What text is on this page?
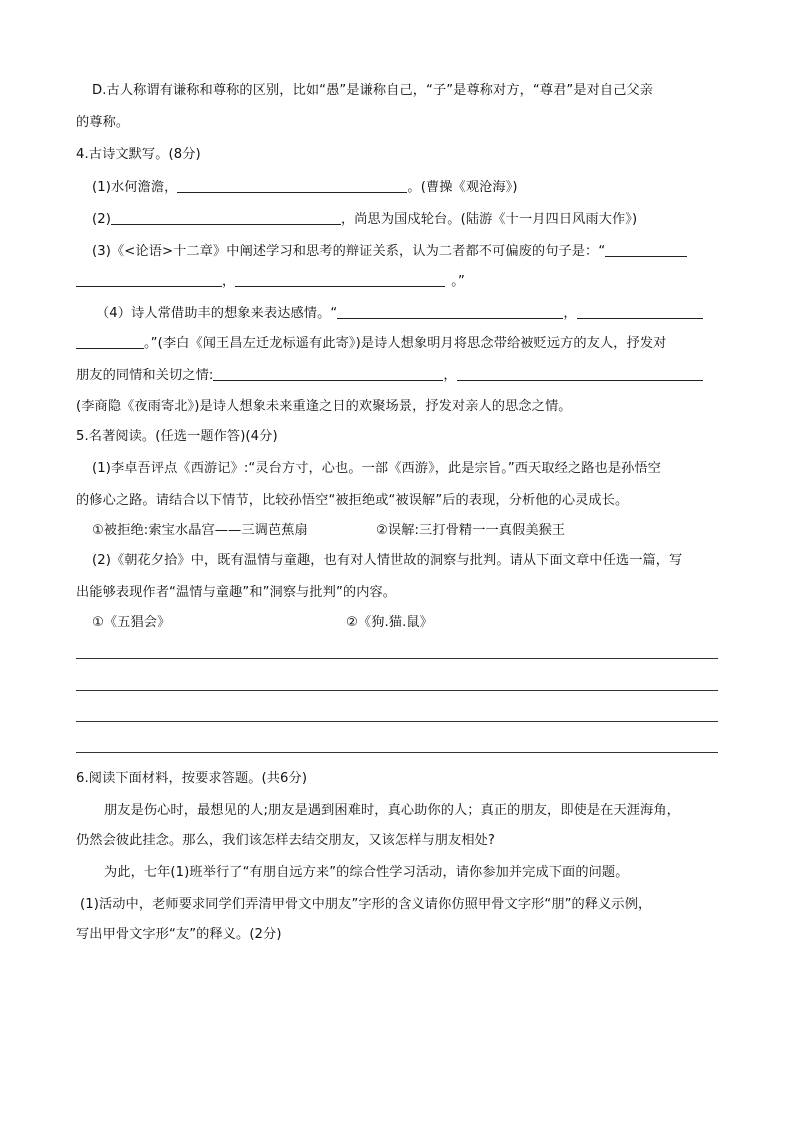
D.古人称谓有谦称和尊称的区别，比如“愚”是谦称自己，“子”是尊称对方，“尊君”是对自己父亲
的尊称。
4.古诗文默写。(8分)
(1)水何澹澹，	。(曹操《观沧海》)
(2)	，尚思为国戍轮台。(陆游《十一月四日风雨大作》)
(3)《<论语>十二章》中阐述学习和思考的辩证关系，认为二者都不可偏废的句子是：“
，	。”
（4）诗人常借助丰的想象来表达感情。“	，
。”(李白《闻王昌左迁龙标遥有此寄》)是诗人想象明月将思念带给被贬远方的友人，抒发对
朋友的同情和关切之情:	，
(李商隐《夜雨寄北》)是诗人想象未来重逢之日的欢聚场景，抒发对亲人的思念之情。
5.名著阅读。(任选一题作答)(4分)
(1)李卓吾评点《西游记》:“灵台方寸，心也。一部《西游》，此是宗旨。”西天取经之路也是孙悟空
的修心之路。请结合以下情节，比较孙悟空“被拒绝或“被误解”后的表现，分析他的心灵成长。
①被拒绝:索宝水晶宫——三调芭蕉扇	②误解:三打骨精一一真假美猴王
(2)《朝花夕拾》中，既有温情与童趣，也有对人情世故的洞察与批判。请从下面文章中任选一篇，写
出能够表现作者“温情与童趣”和”洞察与批判”的内容。
①《五猖会》	②《狗.猫.鼠》
6.阅读下面材料，按要求答题。(共6分)
朋友是伤心时，最想见的人;朋友是遇到困难时，真心助你的人；真正的朋友，即使是在天涯海角，
仍然会彼此挂念。那么，我们该怎样去结交朋友，又该怎样与朋友相处?
为此，七年(1)班举行了“有朋自远方来”的综合性学习活动，请你参加并完成下面的问题。
(1)活动中，老师要求同学们弄清甲骨文中朋友”字形的含义请你仿照甲骨文字形“朋”的释义示例，
写出甲骨文字形“友”的释义。(2分)
